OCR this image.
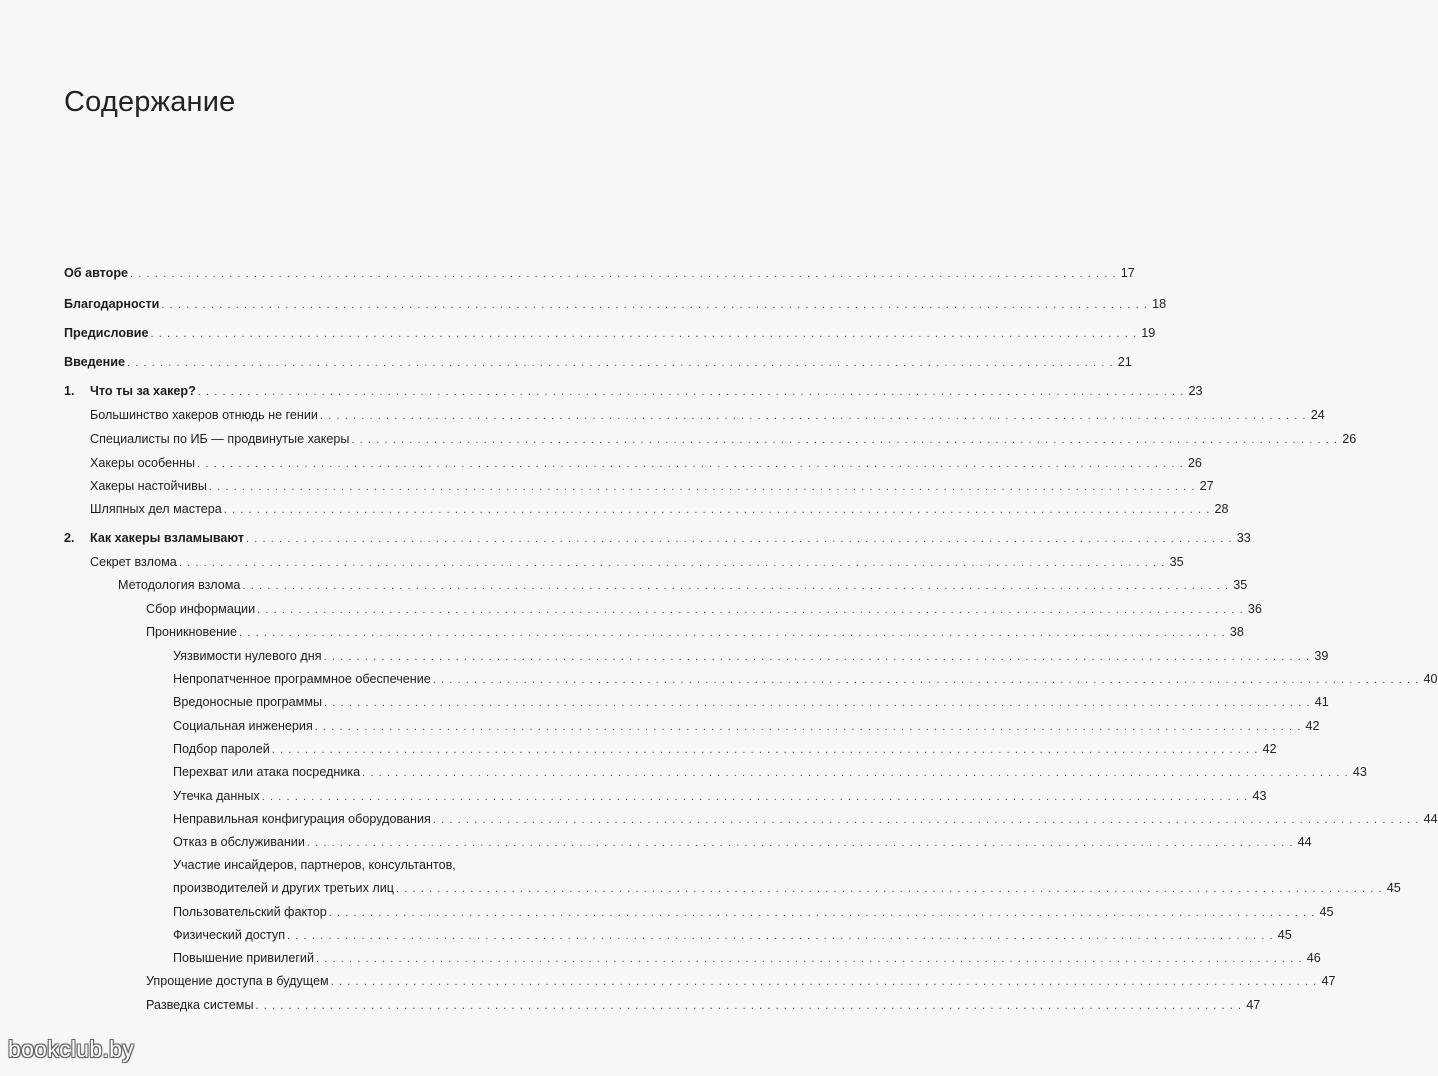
Содержание
Об авторе ........................................................................................................................ 17
Благодарности ........................................................................................................................ 18
Предисловие ........................................................................................................................ 19
Введение ........................................................................................................................ 21
1. Что ты за хакер? ........................................................................................................................ 23
Большинство хакеров отнюдь не гении ........................................................................................................................ 24
Специалисты по ИБ — продвинутые хакеры ........................................................................................................................ 26
Хакеры особенны ........................................................................................................................ 26
Хакеры настойчивы ........................................................................................................................ 27
Шляпных дел мастера ........................................................................................................................ 28
2. Как хакеры взламывают ........................................................................................................................ 33
Секрет взлома ........................................................................................................................ 35
Методология взлома ........................................................................................................................ 35
Сбор информации ........................................................................................................................ 36
Проникновение ........................................................................................................................ 38
Уязвимости нулевого дня ........................................................................................................................ 39
Непропатченное программное обеспечение ........................................................................................................................ 40
Вредоносные программы ........................................................................................................................ 41
Социальная инженерия ........................................................................................................................ 42
Подбор паролей ........................................................................................................................ 42
Перехват или атака посредника ........................................................................................................................ 43
Утечка данных ........................................................................................................................ 43
Неправильная конфигурация оборудования ........................................................................................................................ 44
Отказ в обслуживании ........................................................................................................................ 44
Участие инсайдеров, партнеров, консультантов,
производителей и других третьих лиц ........................................................................................................................ 45
Пользовательский фактор ........................................................................................................................ 45
Физический доступ ........................................................................................................................ 45
Повышение привилегий ........................................................................................................................ 46
Упрощение доступа в будущем ........................................................................................................................ 47
Разведка системы ........................................................................................................................ 47
bookclub.by
